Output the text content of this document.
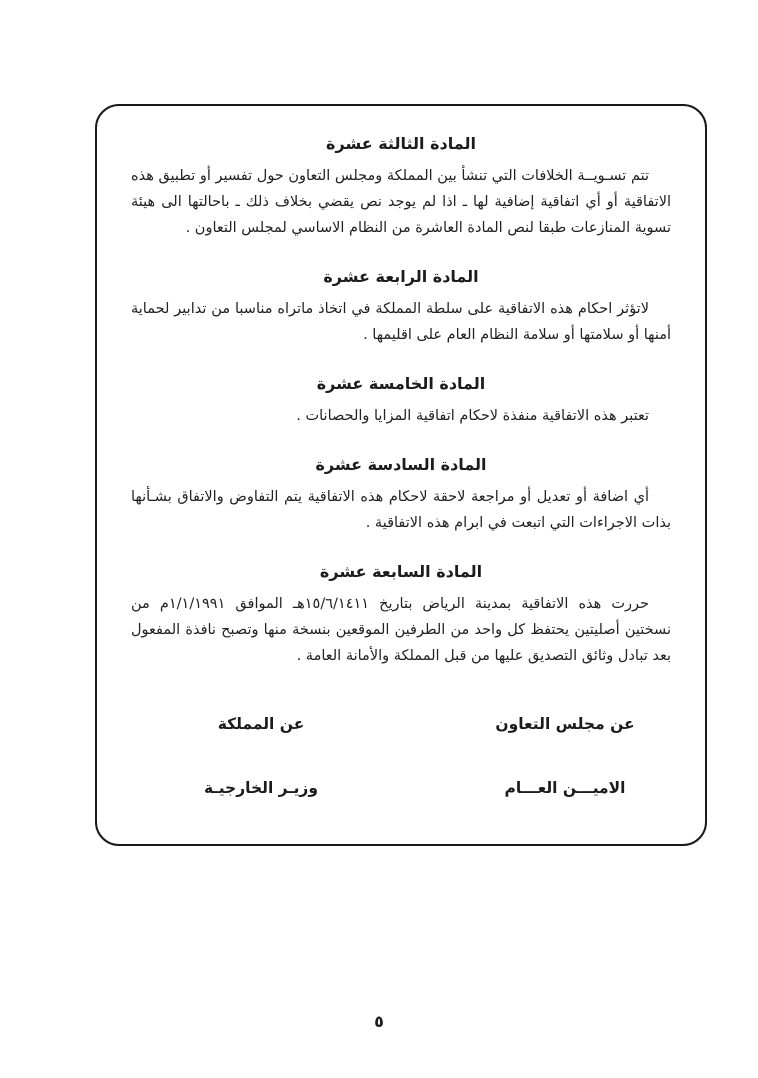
المادة الثالثة عشرة

تتم تسـويــة الخلافات التي تنشأ بين المملكة ومجلس التعاون حول تفسير أو تطبيق هذه الاتفاقية أو أي اتفاقية إضافية لها ـ اذا لم يوجد نص يقضي بخلاف ذلك ـ باحالتها الى هيئة تسوية المنازعات طبقا لنص المادة العاشرة من النظام الاساسي لمجلس التعاون .

المادة الرابعة عشرة

لاتؤثر احكام هذه الاتفاقية على سلطة المملكة في اتخاذ ماتراه مناسبا من تدابير لحماية أمنها أو سلامتها أو سلامة النظام العام على اقليمها .

المادة الخامسة عشرة

تعتبر هذه الاتفاقية منفذة لاحكام اتفاقية المزايا والحصانات .

المادة السادسة عشرة

أي اضافة أو تعديل أو مراجعة لاحقة لاحكام هذه الاتفاقية يتم التفاوض والاتفاق بشـأنها بذات الاجراءات التي اتبعت في ابرام هذه الاتفاقية .

المادة السابعة عشرة

حررت هذه الاتفاقية بمدينة الرياض بتاريخ ١٥/٦/١٤١١هـ الموافق ١/١/١٩٩١م من نسختين أصليتين يحتفظ كل واحد من الطرفين الموقعين بنسخة منها وتصبح نافذة المفعول بعد تبادل وثائق التصديق عليها من قبل المملكة والأمانة العامة .

عن مجلس التعاون
عن المملكة
الاميـــن العـــام
وزيـر الخارجيـة
٥
